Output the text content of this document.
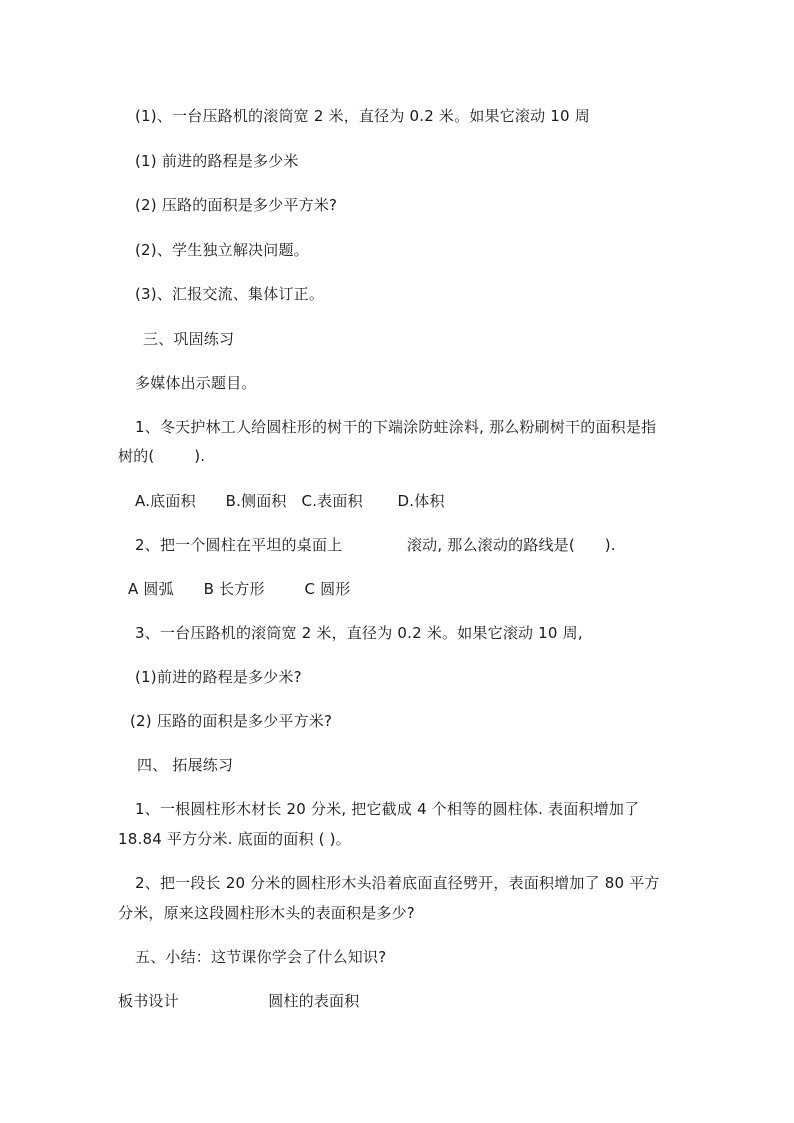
(1)、一台压路机的滚筒宽 2 米，直径为 0.2 米。如果它滚动 10 周
(1) 前进的路程是多少米
(2) 压路的面积是多少平方米?
(2)、学生独立解决问题。
(3)、汇报交流、集体订正。
三、巩固练习
多媒体出示题目。
1、冬天护林工人给圆柱形的树干的下端涂防蛀涂料, 那么粉刷树干的面积是指
树的(        ).
A.底面积      B.侧面积   C.表面积       D.体积
2、把一个圆柱在平坦的桌面上             滚动, 那么滚动的路线是(      ).
A 圆弧      B 长方形        C 圆形
3、一台压路机的滚筒宽 2 米，直径为 0.2 米。如果它滚动 10 周,
(1)前进的路程是多少米?
(2) 压路的面积是多少平方米?
四、 拓展练习
1、一根圆柱形木材长 20 分米, 把它截成 4 个相等的圆柱体. 表面积增加了
18.84 平方分米. 底面的面积 ( )。
2、把一段长 20 分米的圆柱形木头沿着底面直径劈开，表面积增加了 80 平方
分米，原来这段圆柱形木头的表面积是多少?
五、小结：这节课你学会了什么知识?
板书设计                  圆柱的表面积
